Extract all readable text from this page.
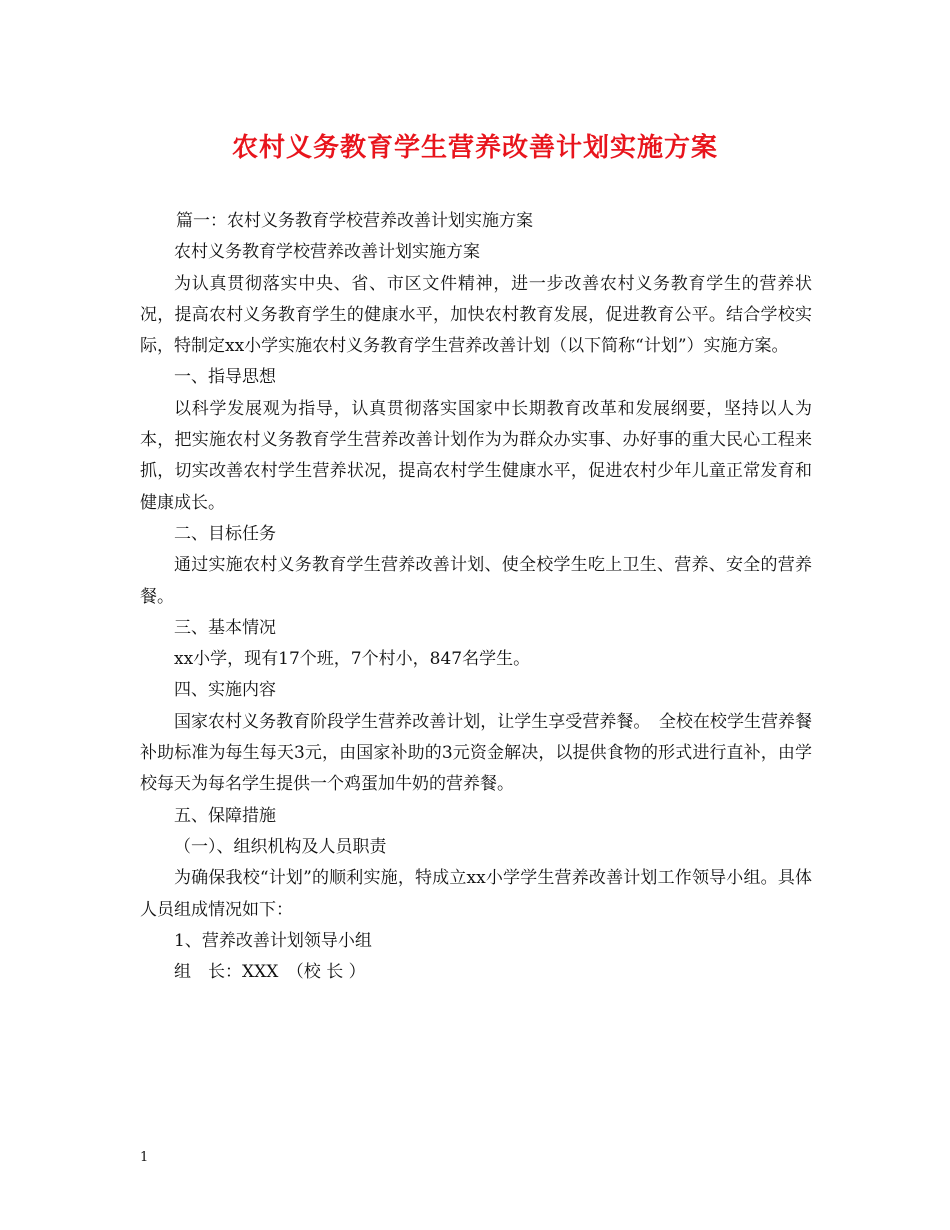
农村义务教育学生营养改善计划实施方案

篇一：农村义务教育学校营养改善计划实施方案

农村义务教育学校营养改善计划实施方案

为认真贯彻落实中央、省、市区文件精神，进一步改善农村义务教育学生的营养状况，提高农村义务教育学生的健康水平，加快农村教育发展，促进教育公平。结合学校实际，特制定xx小学实施农村义务教育学生营养改善计划（以下简称“计划”）实施方案。

一、指导思想

以科学发展观为指导，认真贯彻落实国家中长期教育改革和发展纲要，坚持以人为本，把实施农村义务教育学生营养改善计划作为为群众办实事、办好事的重大民心工程来抓，切实改善农村学生营养状况，提高农村学生健康水平，促进农村少年儿童正常发育和健康成长。

二、目标任务

通过实施农村义务教育学生营养改善计划、使全校学生吃上卫生、营养、安全的营养餐。

三、基本情况

xx小学，现有17个班，7个村小，847名学生。

四、实施内容

国家农村义务教育阶段学生营养改善计划，让学生享受营养餐。　全校在校学生营养餐补助标准为每生每天3元，由国家补助的3元资金解决，以提供食物的形式进行直补，由学校每天为每名学生提供一个鸡蛋加牛奶的营养餐。

五、保障措施

（一）、组织机构及人员职责

为确保我校“计划”的顺利实施，特成立xx小学学生营养改善计划工作领导小组。具体人员组成情况如下：

1、营养改善计划领导小组

组　长：XXX　（校 长 ）

1
